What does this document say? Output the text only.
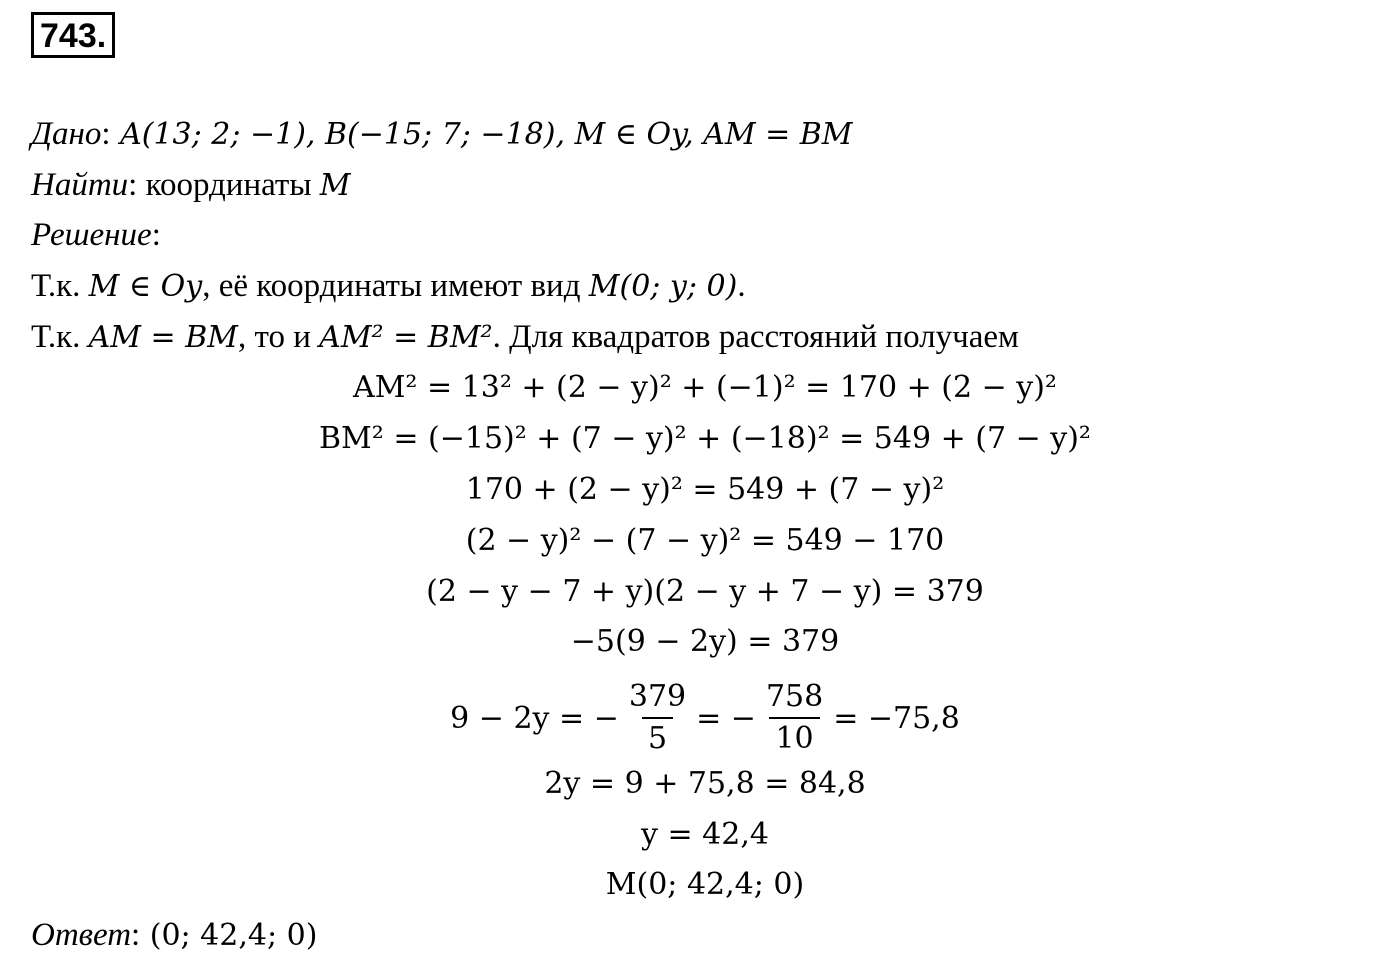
743.
Дано: A(13; 2; −1), B(−15; 7; −18), M ∈ Oy, AM = BM
Найти: координаты M
Решение:
Т.к. M ∈ Oy, её координаты имеют вид M(0; y; 0).
Т.к. AM = BM, то и AM² = BM². Для квадратов расстояний получаем
AM² = 13² + (2 − y)² + (−1)² = 170 + (2 − y)²
BM² = (−15)² + (7 − y)² + (−18)² = 549 + (7 − y)²
170 + (2 − y)² = 549 + (7 − y)²
(2 − y)² − (7 − y)² = 549 − 170
(2 − y − 7 + y)(2 − y + 7 − y) = 379
−5(9 − 2y) = 379
9 − 2y = − $\frac{379}{5}$ = − $\frac{758}{10} = -75,8$
2y = 9 + 75,8 = 84,8
y = 42,4
M(0; 42,4; 0)
Ответ: (0; 42,4; 0)
